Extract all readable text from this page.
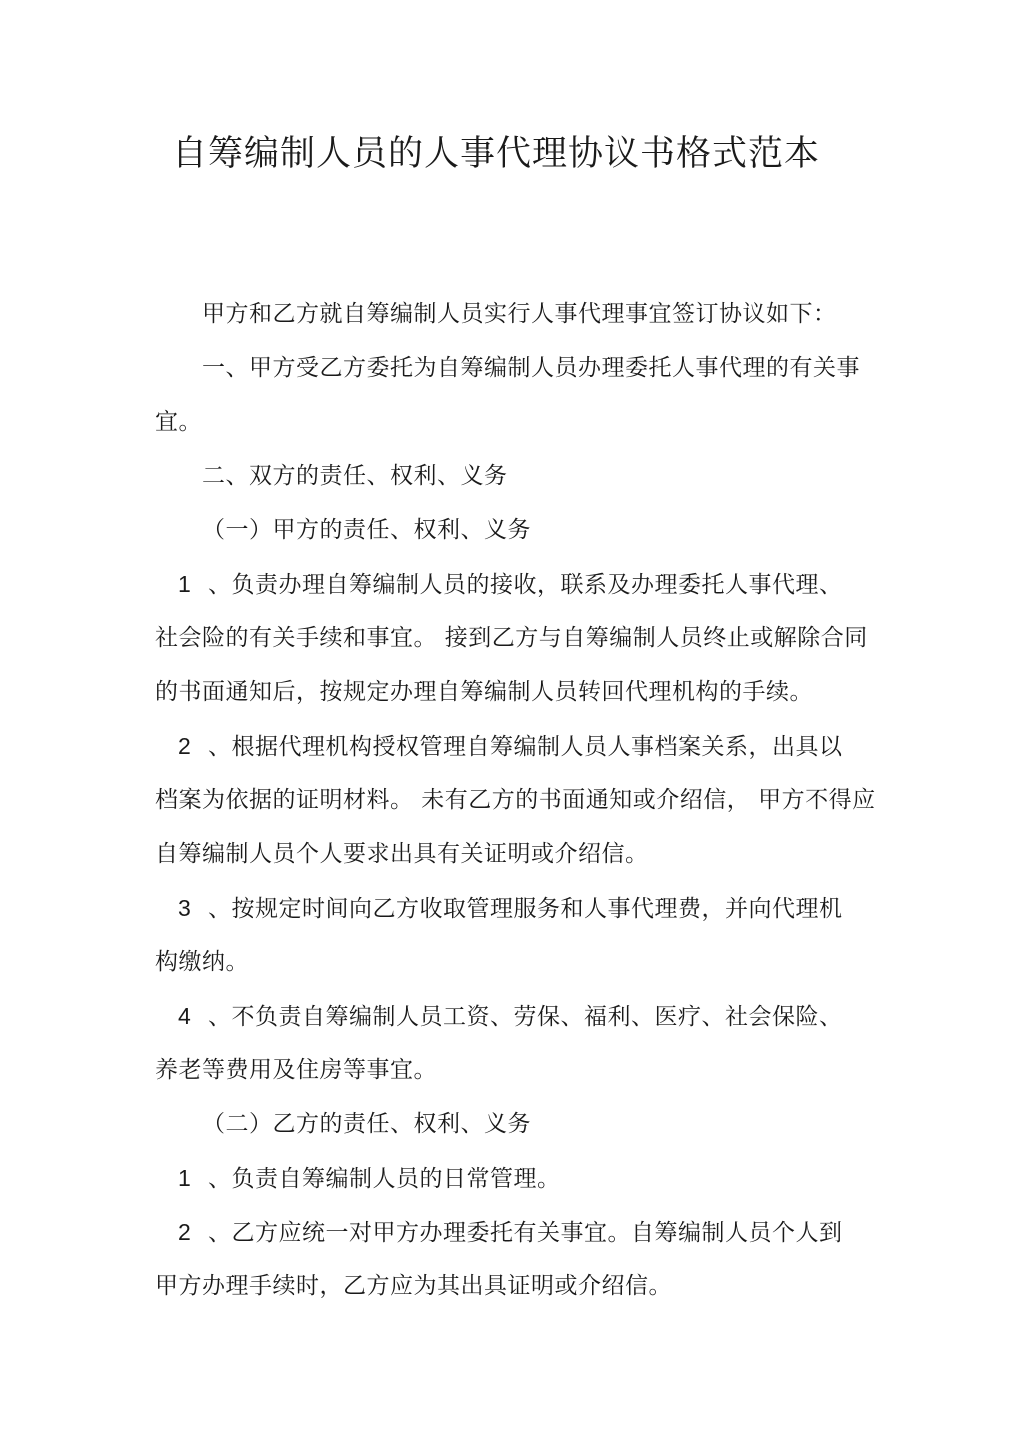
自筹编制人员的人事代理协议书格式范本
甲方和乙方就自筹编制人员实行人事代理事宜签订协议如下：
一、甲方受乙方委托为自筹编制人员办理委托人事代理的有关事
宜。
二、双方的责任、权利、义务
（一）甲方的责任、权利、义务
1 、负责办理自筹编制人员的接收，联系及办理委托人事代理、
社会险的有关手续和事宜。 接到乙方与自筹编制人员终止或解除合同
的书面通知后，按规定办理自筹编制人员转回代理机构的手续。
2 、根据代理机构授权管理自筹编制人员人事档案关系，出具以
档案为依据的证明材料。 未有乙方的书面通知或介绍信， 甲方不得应
自筹编制人员个人要求出具有关证明或介绍信。
3 、按规定时间向乙方收取管理服务和人事代理费，并向代理机
构缴纳。
4 、不负责自筹编制人员工资、劳保、福利、医疗、社会保险、
养老等费用及住房等事宜。
（二）乙方的责任、权利、义务
1 、负责自筹编制人员的日常管理。
2 、乙方应统一对甲方办理委托有关事宜。自筹编制人员个人到
甲方办理手续时，乙方应为其出具证明或介绍信。
